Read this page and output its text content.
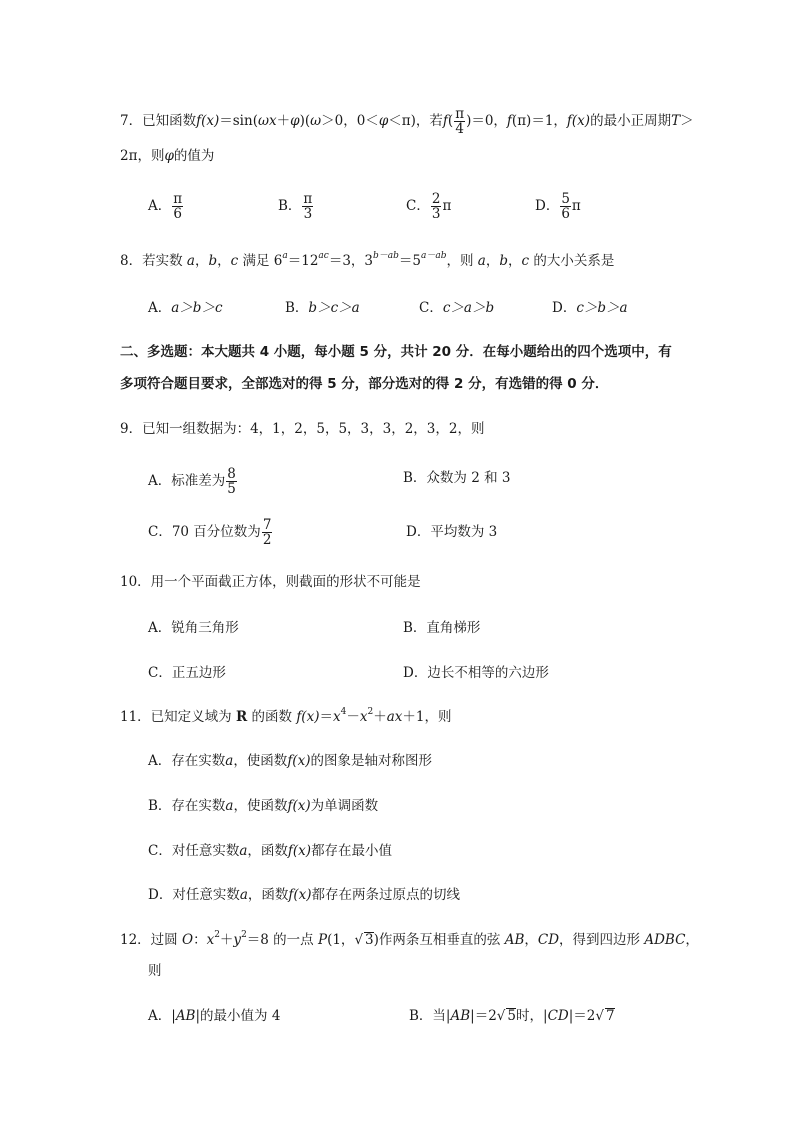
7．已知函数f(x)＝sin(ωx＋φ)(ω＞0，0＜φ＜π)，若$f( \frac{\pi}{4} )=0$，f(π)＝1，f(x)的最小正周期T＞
2π，则φ的值为
A． $\frac{\pi}{6}$	B． $\frac{\pi}{3}$	C． $\frac{2}{3}$ π	D． $\frac{5}{6}$ π
8．若实数 a，b，c 满足 $6^a=12^{ac}=3$，$3^{b-ab}=5^{a-ab}$，则 a，b，c 的大小关系是
A．a＞b＞c	B．b＞c＞a	C．c＞a＞b	D．c＞b＞a
二、多选题：本大题共 4 小题，每小题 5 分，共计 20 分．在每小题给出的四个选项中，有
多项符合题目要求，全部选对的得 5 分，部分选对的得 2 分，有选错的得 0 分．
9．已知一组数据为：4，1，2，5，5，3，3，2，3，2，则
A．标准差为 $\frac{8}{5}$	B．众数为 2 和 3
C．70 百分位数为 $\frac{7}{2}$	D．平均数为 3
10．用一个平面截正方体，则截面的形状不可能是
A．锐角三角形	B．直角梯形
C．正五边形	D．边长不相等的六边形
11．已知定义域为 R 的函数 $f(x)=x^4-x^2+ax+1$，则
A．存在实数a，使函数f(x)的图象是轴对称图形
B．存在实数a，使函数f(x)为单调函数
C．对任意实数a，函数f(x)都存在最小值
D．对任意实数a，函数f(x)都存在两条过原点的切线
12．过圆 O：$x^2+y^2=8$ 的一点 P(1，√ 3)作两条互相垂直的弦 AB，CD，得到四边形 ADBC，
则
A．|AB|的最小值为 4	B．当|AB|＝2√ 5时，|CD|＝2√ 7
